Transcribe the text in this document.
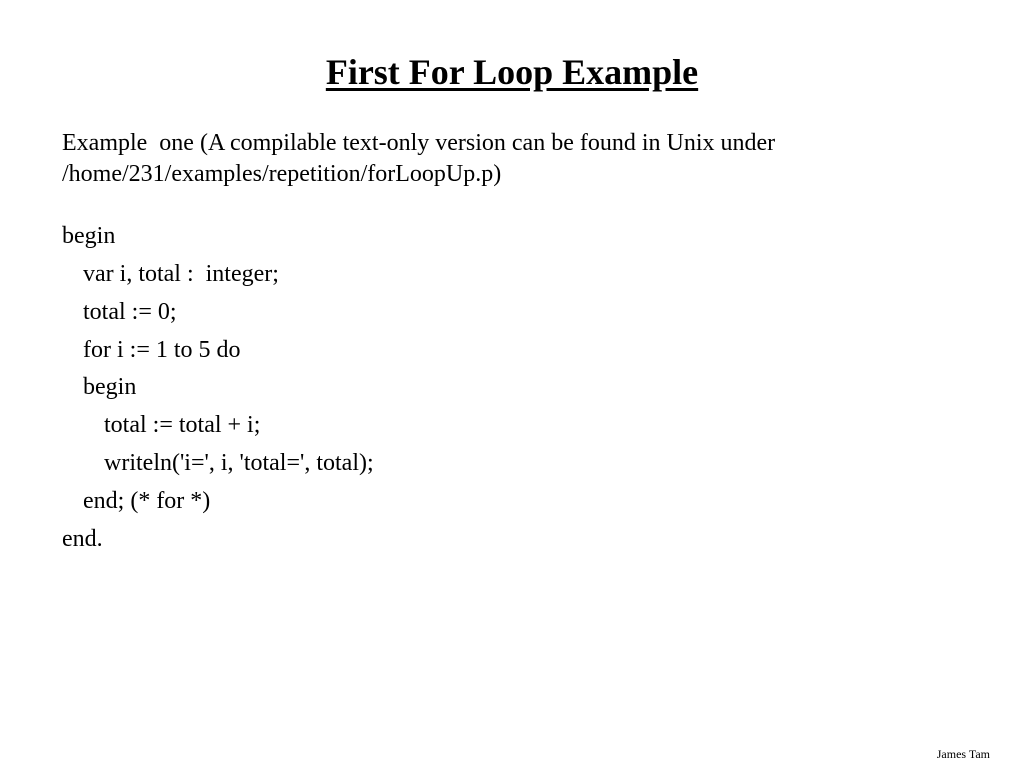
First For Loop Example
Example  one (A compilable text-only version can be found in Unix under
/home/231/examples/repetition/forLoopUp.p)
begin
var i, total :  integer;
total := 0;
for i := 1 to 5 do
begin
total := total + i;
writeln('i=', i, 'total=', total);
end; (* for *)
end.
James Tam
